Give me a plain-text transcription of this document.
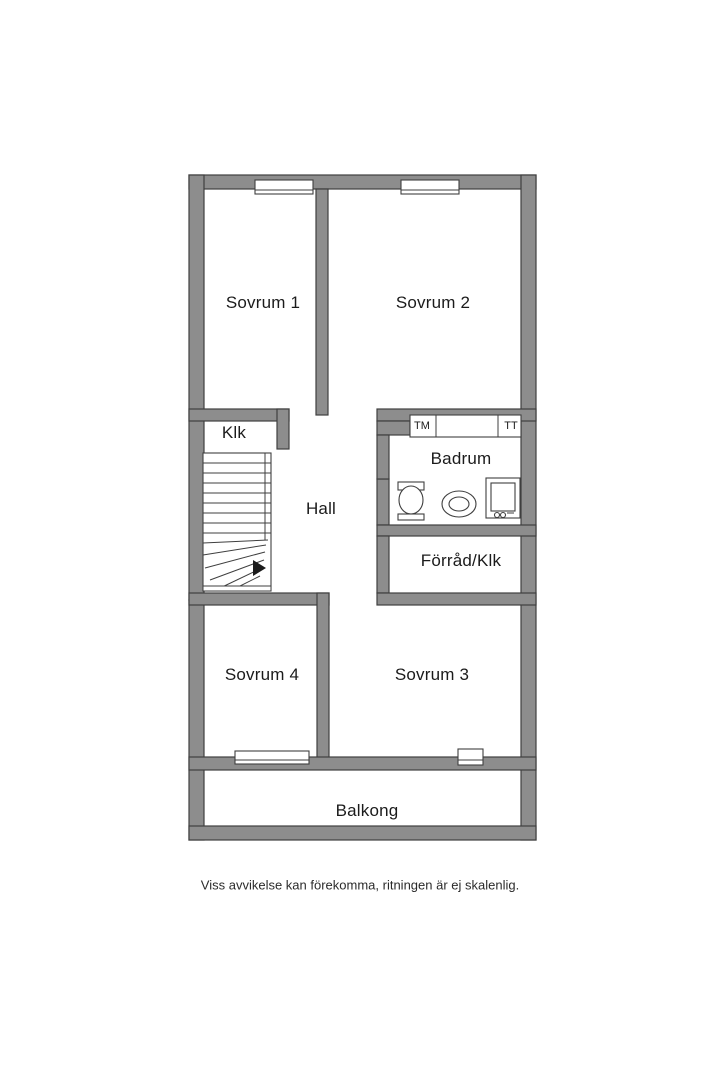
Sovrum 1	Sovrum 2
Klk
Hall
Badrum
Förråd/Klk
Sovrum 4	Sovrum 3
Balkong
TM	TT
Viss avvikelse kan förekomma, ritningen är ej skalenlig.
